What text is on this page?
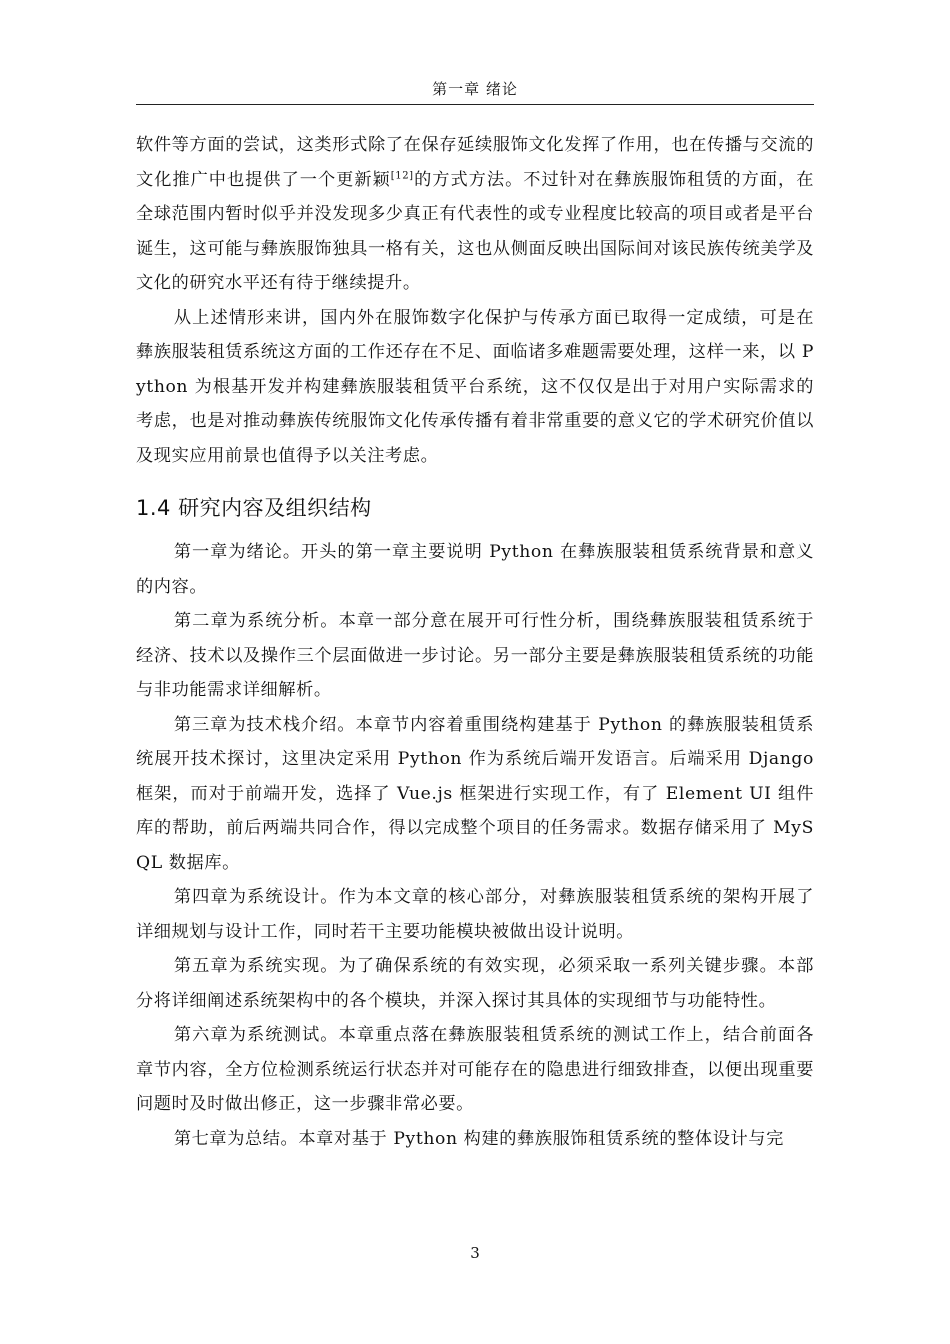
第一章 绪论

软件等方面的尝试，这类形式除了在保存延续服饰文化发挥了作用，也在传播与交流的文化推广中也提供了一个更新颖[12]的方式方法。不过针对在彝族服饰租赁的方面，在全球范围内暂时似乎并没发现多少真正有代表性的或专业程度比较高的项目或者是平台诞生，这可能与彝族服饰独具一格有关，这也从侧面反映出国际间对该民族传统美学及文化的研究水平还有待于继续提升。

从上述情形来讲，国内外在服饰数字化保护与传承方面已取得一定成绩，可是在彝族服装租赁系统这方面的工作还存在不足、面临诸多难题需要处理，这样一来，以 Python 为根基开发并构建彝族服装租赁平台系统，这不仅仅是出于对用户实际需求的考虑，也是对推动彝族传统服饰文化传承传播有着非常重要的意义它的学术研究价值以及现实应用前景也值得予以关注考虑。

1.4 研究内容及组织结构

第一章为绪论。开头的第一章主要说明 Python 在彝族服装租赁系统背景和意义的内容。

第二章为系统分析。本章一部分意在展开可行性分析，围绕彝族服装租赁系统于经济、技术以及操作三个层面做进一步讨论。另一部分主要是彝族服装租赁系统的功能与非功能需求详细解析。

第三章为技术栈介绍。本章节内容着重围绕构建基于 Python 的彝族服装租赁系统展开技术探讨，这里决定采用 Python 作为系统后端开发语言。后端采用 Django 框架，而对于前端开发，选择了 Vue.js 框架进行实现工作，有了 Element UI 组件库的帮助，前后两端共同合作，得以完成整个项目的任务需求。数据存储采用了 MySQL 数据库。

第四章为系统设计。作为本文章的核心部分，对彝族服装租赁系统的架构开展了详细规划与设计工作，同时若干主要功能模块被做出设计说明。

第五章为系统实现。为了确保系统的有效实现，必须采取一系列关键步骤。本部分将详细阐述系统架构中的各个模块，并深入探讨其具体的实现细节与功能特性。

第六章为系统测试。本章重点落在彝族服装租赁系统的测试工作上，结合前面各章节内容，全方位检测系统运行状态并对可能存在的隐患进行细致排查，以便出现重要问题时及时做出修正，这一步骤非常必要。

第七章为总结。本章对基于 Python 构建的彝族服饰租赁系统的整体设计与完

3
